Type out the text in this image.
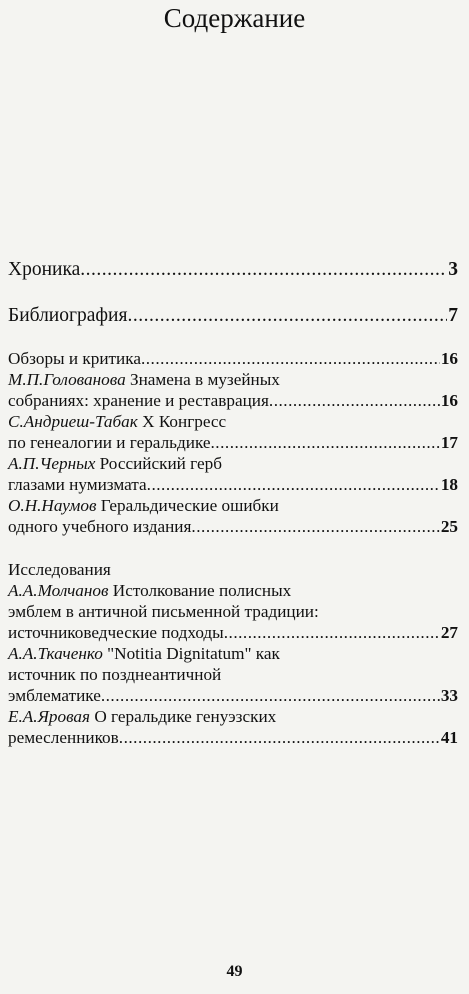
Содержание
Хроника .....	3
Библиография .....	7
Обзоры и критика .....	16
М.П.Голованова Знамена в музейных
собраниях: хранение и реставрация .....	16
С.Андриеш-Табак X Конгресс
по генеалогии и геральдике .....	17
А.П.Черных Российский герб
глазами нумизмата .....	18
О.Н.Наумов Геральдические ошибки
одного учебного издания .....	25
Исследования
А.А.Молчанов Истолкование полисных
эмблем в античной письменной традиции:
источниковедческие подходы .....	27
А.А.Ткаченко "Notitia Dignitatum" как
источник по позднеантичной
эмблематике .....	33
Е.А.Яровая О геральдике генуэзских
ремесленников .....	41
49
